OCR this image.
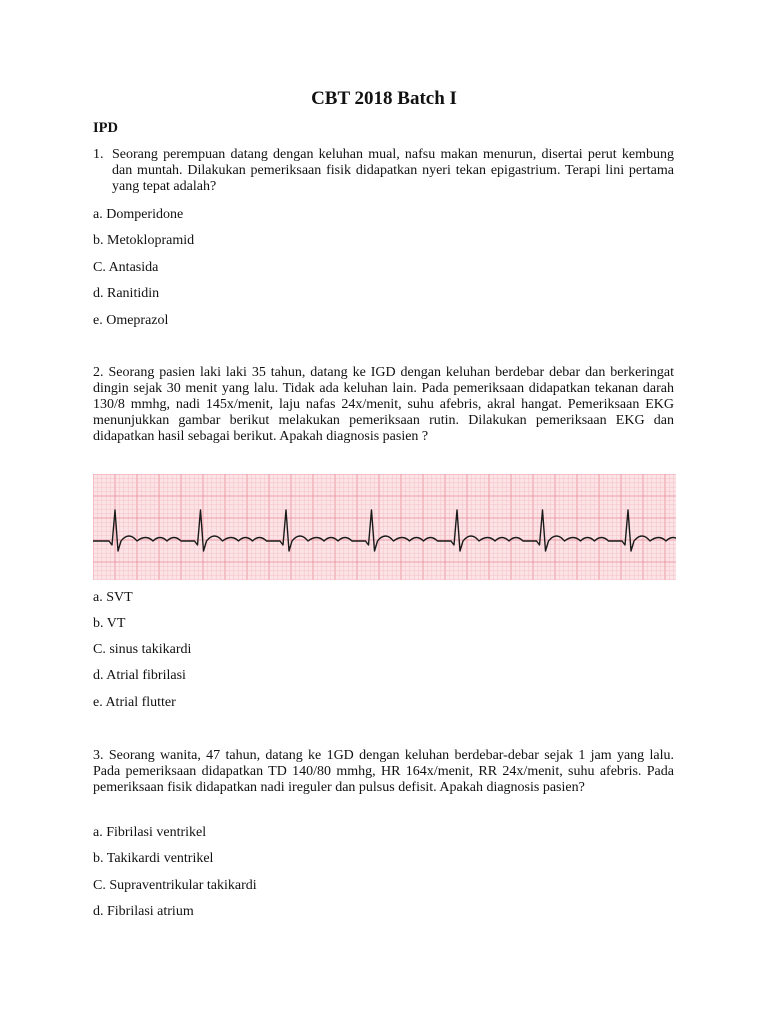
CBT 2018 Batch I
IPD
1. Seorang perempuan datang dengan keluhan mual, nafsu makan menurun, disertai perut kembung dan muntah. Dilakukan pemeriksaan fisik didapatkan nyeri tekan epigastrium. Terapi lini pertama yang tepat adalah?
a. Domperidone
b. Metoklopramid
C. Antasida
d. Ranitidin
e. Omeprazol
2. Seorang pasien laki laki 35 tahun, datang ke IGD dengan keluhan berdebar debar dan berkeringat dingin sejak 30 menit yang lalu. Tidak ada keluhan lain. Pada pemeriksaan didapatkan tekanan darah 130/8 mmhg, nadi 145x/menit, laju nafas 24x/menit, suhu afebris, akral hangat. Pemeriksaan EKG menunjukkan gambar berikut melakukan pemeriksaan rutin. Dilakukan pemeriksaan EKG dan didapatkan hasil sebagai berikut. Apakah diagnosis pasien ?
a. SVT
b. VT
C. sinus takikardi
d. Atrial fibrilasi
e. Atrial flutter
3. Seorang wanita, 47 tahun, datang ke 1GD dengan keluhan berdebar-debar sejak 1 jam yang lalu. Pada pemeriksaan didapatkan TD 140/80 mmhg, HR 164x/menit, RR 24x/menit, suhu afebris. Pada pemeriksaan fisik didapatkan nadi ireguler dan pulsus defisit. Apakah diagnosis pasien?
a. Fibrilasi ventrikel
b. Takikardi ventrikel
C. Supraventrikular takikardi
d. Fibrilasi atrium
